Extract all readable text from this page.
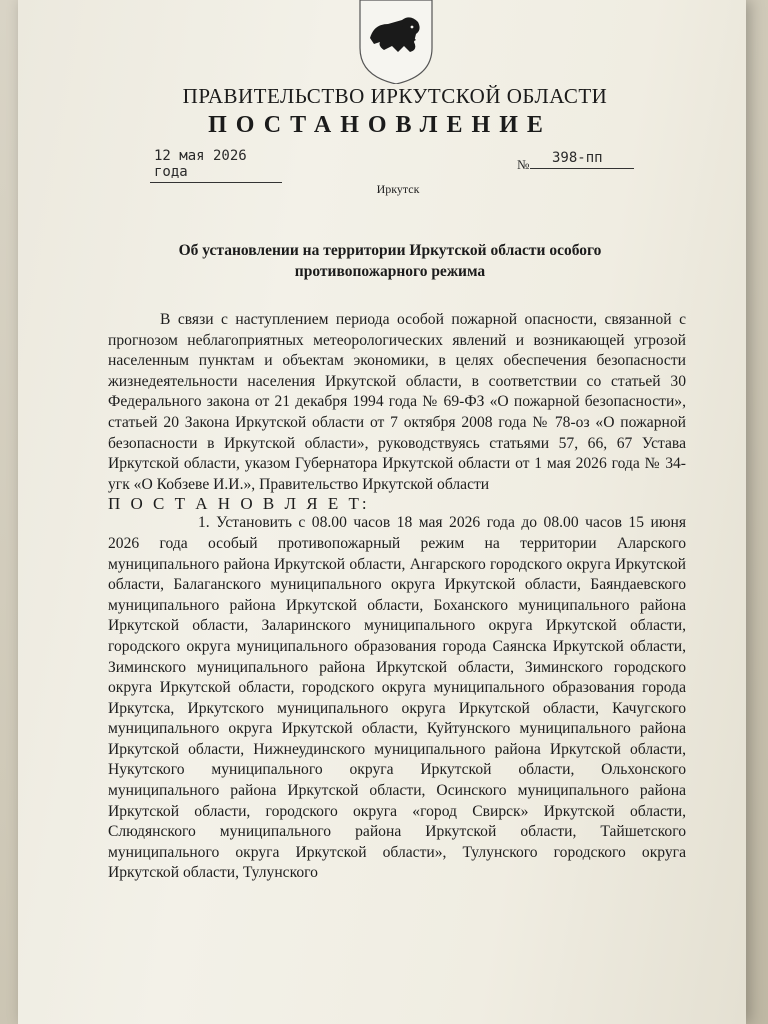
ПРАВИТЕЛЬСТВО ИРКУТСКОЙ ОБЛАСТИ
ПОСТАНОВЛЕНИЕ
12 мая 2026 года	№	398-пп
Иркутск
Об установлении на территории Иркутской области особого противопожарного режима

В связи с наступлением периода особой пожарной опасности, связанной с прогнозом неблагоприятных метеорологических явлений и возникающей угрозой населенным пунктам и объектам экономики, в целях обеспечения безопасности жизнедеятельности населения Иркутской области, в соответствии со статьей 30 Федерального закона от 21 декабря 1994 года № 69-ФЗ «О пожарной безопасности», статьей 20 Закона Иркутской области от 7 октября 2008 года № 78-оз «О пожарной безопасности в Иркутской области», руководствуясь статьями 57, 66, 67 Устава Иркутской области, указом Губернатора Иркутской области от 1 мая 2026 года № 34-угк «О Кобзеве И.И.», Правительство Иркутской области

П О С Т А Н О В Л Я Е Т:

1. Установить с 08.00 часов 18 мая 2026 года до 08.00 часов 15 июня 2026 года особый противопожарный режим на территории Аларского муниципального района Иркутской области, Ангарского городского округа Иркутской области, Балаганского муниципального округа Иркутской области, Баяндаевского муниципального района Иркутской области, Боханского муниципального района Иркутской области, Заларинского муниципального округа Иркутской области, городского округа муниципального образования города Саянска Иркутской области, Зиминского муниципального района Иркутской области, Зиминского городского округа Иркутской области, городского округа муниципального образования города Иркутска, Иркутского муниципального округа Иркутской области, Качугского муниципального округа Иркутской области, Куйтунского муниципального района Иркутской области, Нижнеудинского муниципального района Иркутской области, Нукутского муниципального округа Иркутской области, Ольхонского муниципального района Иркутской области, Осинского муниципального района Иркутской области, городского округа «город Свирск» Иркутской области, Слюдянского муниципального района Иркутской области, Тайшетского муниципального округа Иркутской области», Тулунского городского округа Иркутской области, Тулунского
